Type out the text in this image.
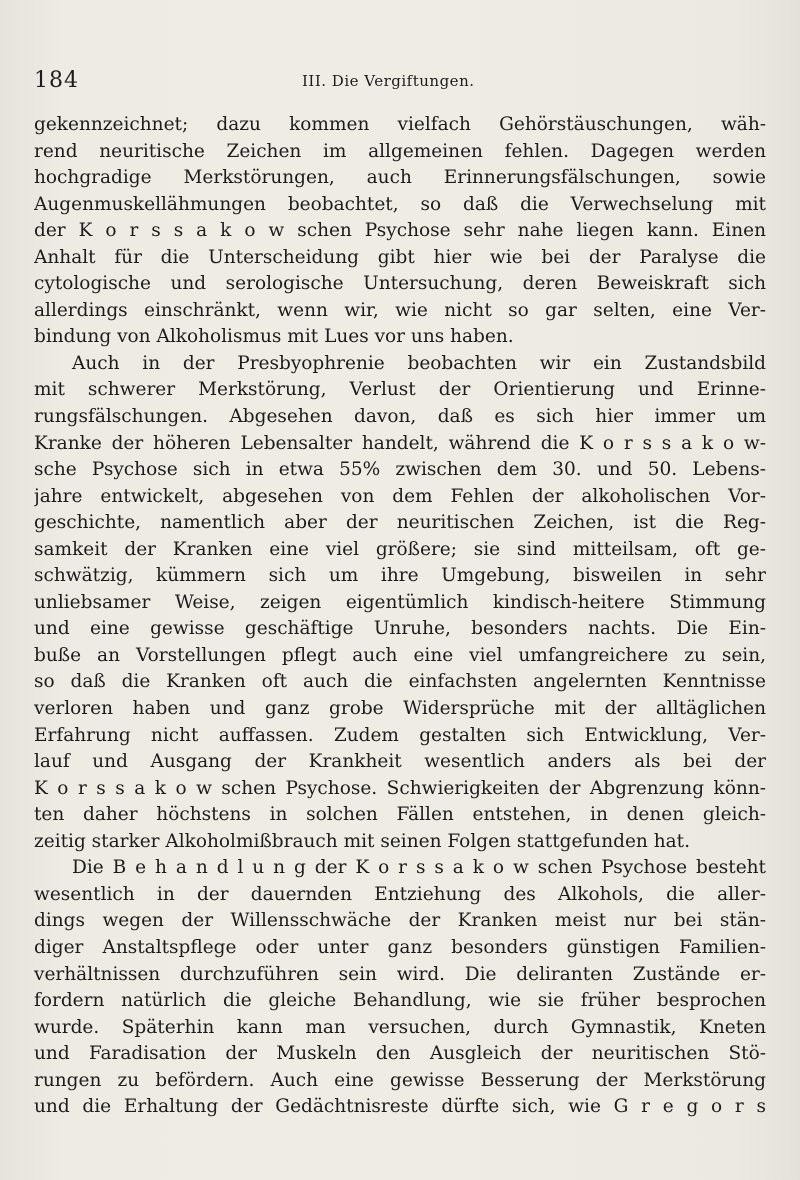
184	III. Die Vergiftungen.
gekennzeichnet; dazu kommen vielfach Gehörstäuschungen, wäh-
rend neuritische Zeichen im allgemeinen fehlen. Dagegen werden
hochgradige Merkstörungen, auch Erinnerungsfälschungen, sowie
Augenmuskellähmungen beobachtet, so daß die Verwechselung mit
der K o r s s a k o w schen Psychose sehr nahe liegen kann. Einen
Anhalt für die Unterscheidung gibt hier wie bei der Paralyse die
cytologische und serologische Untersuchung, deren Beweiskraft sich
allerdings einschränkt, wenn wir, wie nicht so gar selten, eine Ver-
bindung von Alkoholismus mit Lues vor uns haben.
Auch in der Presbyophrenie beobachten wir ein Zustandsbild
mit schwerer Merkstörung, Verlust der Orientierung und Erinne-
rungsfälschungen. Abgesehen davon, daß es sich hier immer um
Kranke der höheren Lebensalter handelt, während die K o r s s a k o w-
sche Psychose sich in etwa 55% zwischen dem 30. und 50. Lebens-
jahre entwickelt, abgesehen von dem Fehlen der alkoholischen Vor-
geschichte, namentlich aber der neuritischen Zeichen, ist die Reg-
samkeit der Kranken eine viel größere; sie sind mitteilsam, oft ge-
schwätzig, kümmern sich um ihre Umgebung, bisweilen in sehr
unliebsamer Weise, zeigen eigentümlich kindisch-heitere Stimmung
und eine gewisse geschäftige Unruhe, besonders nachts. Die Ein-
buße an Vorstellungen pflegt auch eine viel umfangreichere zu sein,
so daß die Kranken oft auch die einfachsten angelernten Kenntnisse
verloren haben und ganz grobe Widersprüche mit der alltäglichen
Erfahrung nicht auffassen. Zudem gestalten sich Entwicklung, Ver-
lauf und Ausgang der Krankheit wesentlich anders als bei der
K o r s s a k o w schen Psychose. Schwierigkeiten der Abgrenzung könn-
ten daher höchstens in solchen Fällen entstehen, in denen gleich-
zeitig starker Alkoholmißbrauch mit seinen Folgen stattgefunden hat.
Die B e h a n d l u n g der K o r s s a k o w schen Psychose besteht
wesentlich in der dauernden Entziehung des Alkohols, die aller-
dings wegen der Willensschwäche der Kranken meist nur bei stän-
diger Anstaltspflege oder unter ganz besonders günstigen Familien-
verhältnissen durchzuführen sein wird. Die deliranten Zustände er-
fordern natürlich die gleiche Behandlung, wie sie früher besprochen
wurde. Späterhin kann man versuchen, durch Gymnastik, Kneten
und Faradisation der Muskeln den Ausgleich der neuritischen Stö-
rungen zu befördern. Auch eine gewisse Besserung der Merkstörung
und die Erhaltung der Gedächtnisreste dürfte sich, wie G r e g o r s
